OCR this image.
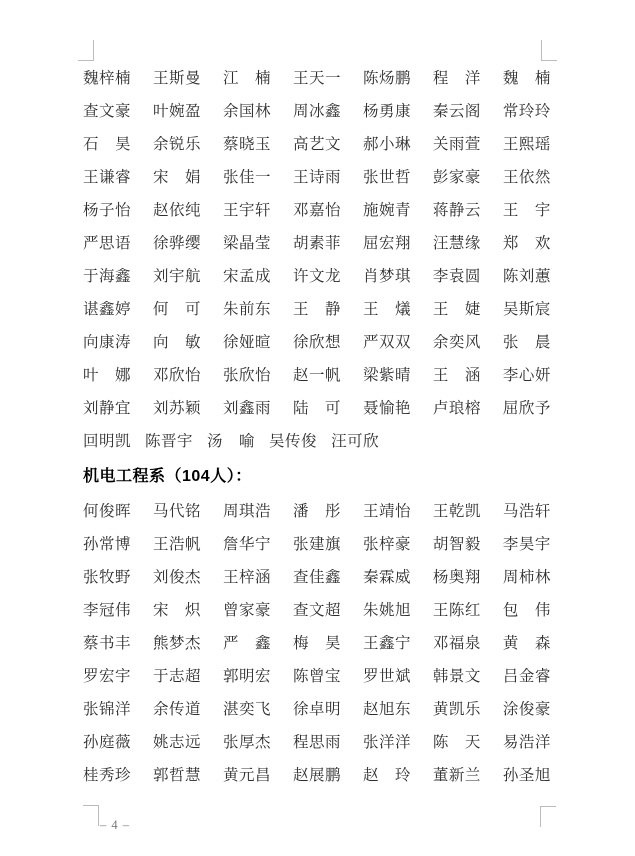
魏梓楠 王斯曼 江　楠 王天一 陈炀鹏 程　洋 魏　楠
查文豪 叶婉盈 余国林 周冰鑫 杨勇康 秦云阁 常玲玲
石　昊 余锐乐 蔡晓玉 高艺文 郝小琳 关雨萱 王熙瑶
王谦睿 宋　娟 张佳一 王诗雨 张世哲 彭家豪 王依然
杨子怡 赵依纯 王宇轩 邓嘉怡 施婉青 蒋静云 王　宇
严思语 徐骅缨 梁晶莹 胡素菲 屈宏翔 汪慧缘 郑　欢
于海鑫 刘宇航 宋孟成 许文龙 肖梦琪 李袁圆 陈刘蕙
谌鑫婷 何　可 朱前东 王　静 王　燨 王　婕 吴斯宸
向康涛 向　敏 徐娅暄 徐欣想 严双双 余奕风 张　晨
叶　娜 邓欣怡 张欣怡 赵一帆 梁紫晴 王　涵 李心妍
刘静宜 刘苏颖 刘鑫雨 陆　可 聂愉艳 卢琅榕 屈欣予
回明凯 陈晋宇 汤　喻 吴传俊 汪可欣
机电工程系（104人）：
何俊晖 马代铭 周琪浩 潘　彤 王靖怡 王乾凯 马浩轩
孙常博 王浩帆 詹华宁 张建旗 张梓豪 胡智毅 李昊宇
张牧野 刘俊杰 王梓涵 查佳鑫 秦霖威 杨奥翔 周柿林
李冠伟 宋　炽 曾家豪 查文超 朱姚旭 王陈红 包　伟
蔡书丰 熊梦杰 严　鑫 梅　昊 王鑫宁 邓福泉 黄　森
罗宏宇 于志超 郭明宏 陈曾宝 罗世斌 韩景文 吕金睿
张锦洋 余传道 湛奕飞 徐卓明 赵旭东 黄凯乐 涂俊豪
孙庭薇 姚志远 张厚杰 程思雨 张洋洋 陈　天 易浩洋
桂秀珍 郭哲慧 黄元昌 赵展鹏 赵　玲 董新兰 孙圣旭
– 4 –
